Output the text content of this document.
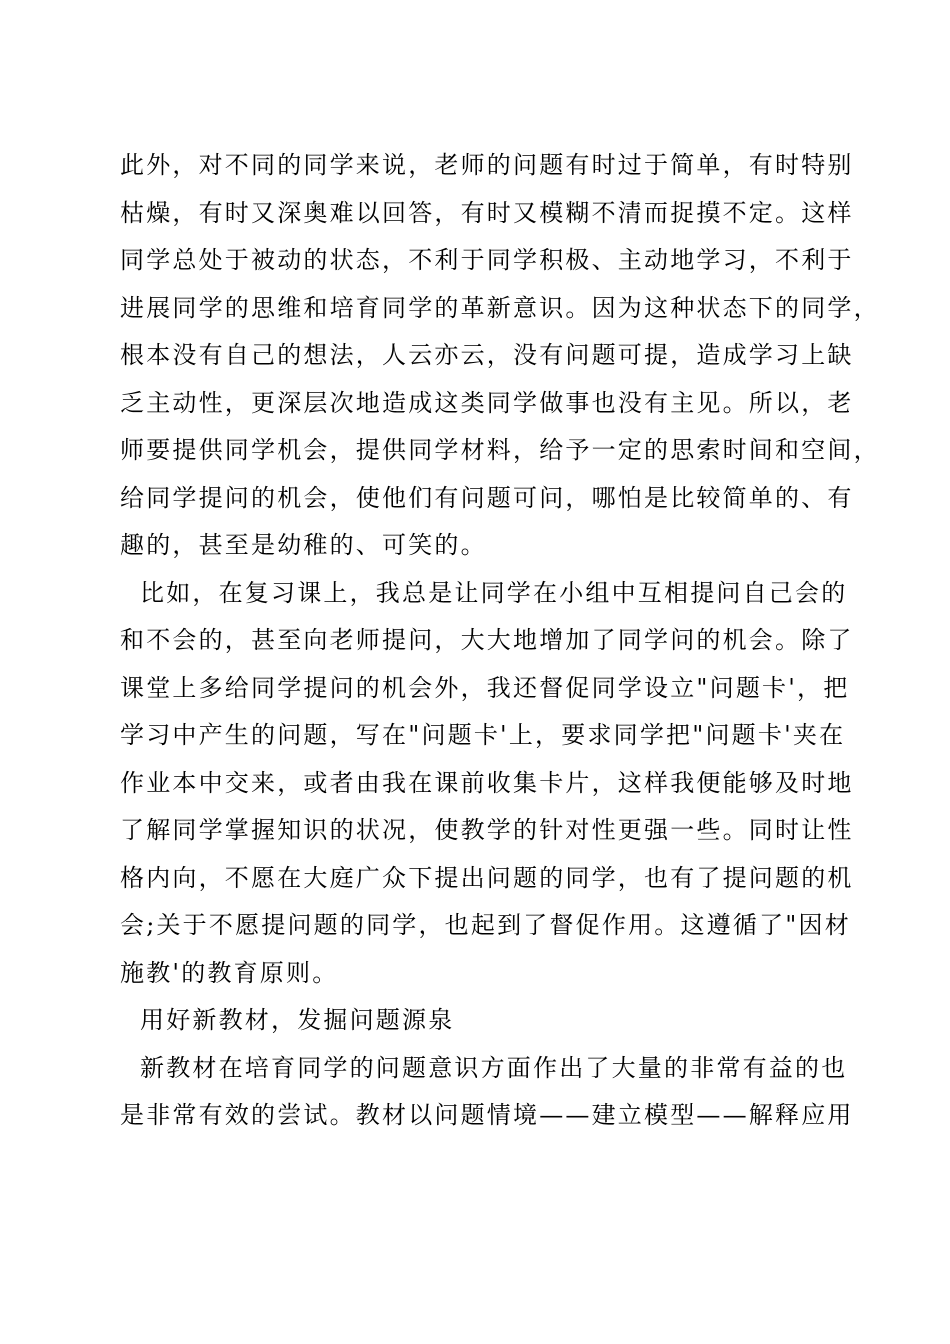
此外，对不同的同学来说，老师的问题有时过于简单，有时特别
枯燥，有时又深奥难以回答，有时又模糊不清而捉摸不定。这样
同学总处于被动的状态，不利于同学积极、主动地学习，不利于
进展同学的思维和培育同学的革新意识。因为这种状态下的同学，
根本没有自己的想法，人云亦云，没有问题可提，造成学习上缺
乏主动性，更深层次地造成这类同学做事也没有主见。所以，老
师要提供同学机会，提供同学材料，给予一定的思索时间和空间，
给同学提问的机会，使他们有问题可问，哪怕是比较简单的、有
趣的，甚至是幼稚的、可笑的。
比如，在复习课上，我总是让同学在小组中互相提问自己会的
和不会的，甚至向老师提问，大大地增加了同学问的机会。除了
课堂上多给同学提问的机会外，我还督促同学设立"问题卡'，把
学习中产生的问题，写在"问题卡'上，要求同学把"问题卡'夹在
作业本中交来，或者由我在课前收集卡片，这样我便能够及时地
了解同学掌握知识的状况，使教学的针对性更强一些。同时让性
格内向，不愿在大庭广众下提出问题的同学，也有了提问题的机
会;关于不愿提问题的同学，也起到了督促作用。这遵循了"因材
施教'的教育原则。
用好新教材，发掘问题源泉
新教材在培育同学的问题意识方面作出了大量的非常有益的也
是非常有效的尝试。教材以问题情境——建立模型——解释应用
